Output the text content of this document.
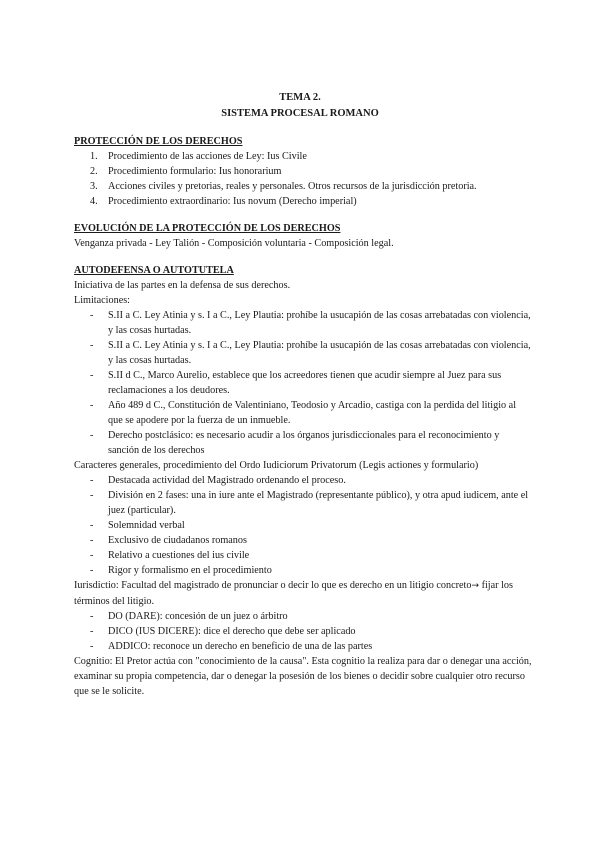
TEMA 2.
SISTEMA PROCESAL ROMANO
PROTECCIÓN DE LOS DERECHOS
1. Procedimiento de las acciones de Ley: Ius Civile
2. Procedimiento formulario: Ius honorarium
3. Acciones civiles y pretorias, reales y personales. Otros recursos de la jurisdicción pretoria.
4. Procedimiento extraordinario: Ius novum (Derecho imperial)
EVOLUCIÓN DE LA PROTECCIÓN DE LOS DERECHOS

Venganza privada - Ley Talión - Composición voluntaria - Composición legal.

AUTODEFENSA O AUTOTUTELA

Iniciativa de las partes en la defensa de sus derechos.

Limitaciones:

- S.II a C. Ley Atinia y s. I a C., Ley Plautia: prohíbe la usucapión de las cosas arrebatadas con violencia, y las cosas hurtadas.
- S.II a C. Ley Atinia y s. I a C., Ley Plautia: prohíbe la usucapión de las cosas arrebatadas con violencia, y las cosas hurtadas.
- S.II d C., Marco Aurelio, establece que los acreedores tienen que acudir siempre al Juez para sus reclamaciones a los deudores.
- Año 489 d C., Constitución de Valentiniano, Teodosio y Arcadio, castiga con la perdida del litigio al que se apodere por la fuerza de un inmueble.
- Derecho postclásico: es necesario acudir a los órganos jurisdiccionales para el reconocimiento y sanción de los derechos

Caracteres generales, procedimiento del Ordo Iudiciorum Privatorum (Legis actiones y formulario)

- Destacada actividad del Magistrado ordenando el proceso.
- División en 2 fases: una in iure ante el Magistrado (representante público), y otra apud iudicem, ante el juez (particular).
- Solemnidad verbal
- Exclusivo de ciudadanos romanos
- Relativo a cuestiones del ius civile
- Rigor y formalismo en el procedimiento

Iurisdictio: Facultad del magistrado de pronunciar o decir lo que es derecho en un litigio concreto→ fijar los términos del litigio.

- DO (DARE): concesión de un juez o árbitro
- DICO (IUS DICERE): dice el derecho que debe ser aplicado
- ADDICO: reconoce un derecho en beneficio de una de las partes

Cognitio: El Pretor actúa con "conocimiento de la causa". Esta cognitio la realiza para dar o denegar una acción, examinar su propia competencia, dar o denegar la posesión de los bienes o decidir sobre cualquier otro recurso que se le solicite.
